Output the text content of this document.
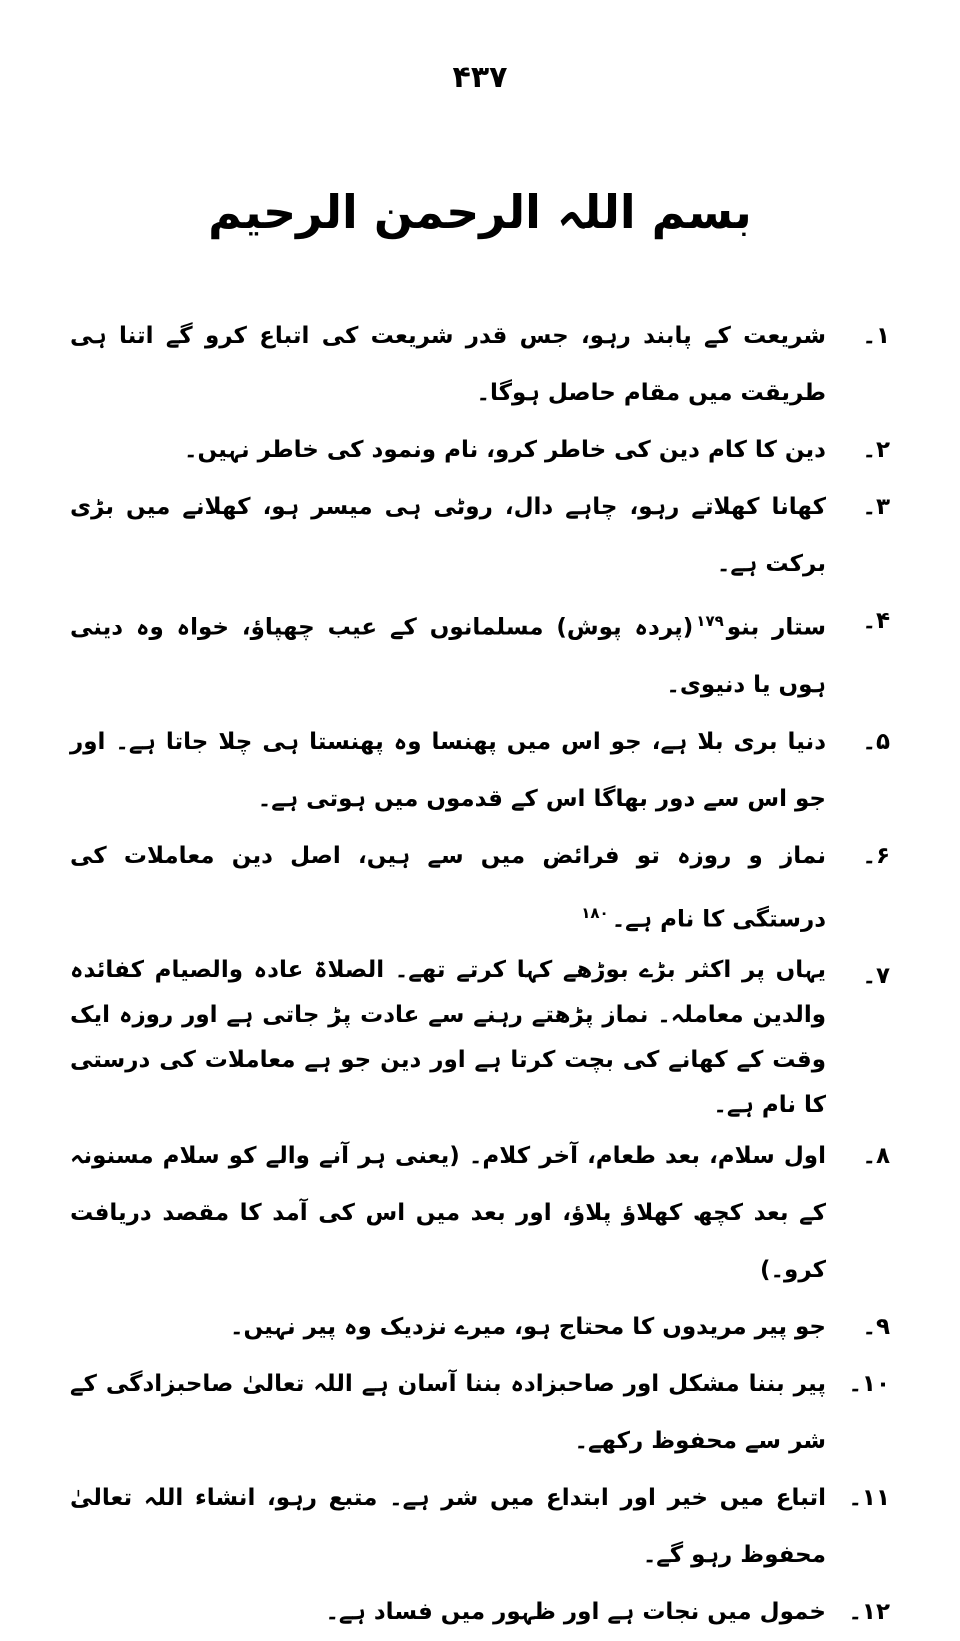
۴۳۷
بسم اللہ الرحمن الرحیم
۱۔
شریعت کے پابند رہو، جس قدر شریعت کی اتباع کرو گے اتنا ہی طریقت میں مقام حاصل ہوگا۔
۲۔
دین کا کام دین کی خاطر کرو، نام ونمود کی خاطر نہیں۔
۳۔
کھانا کھلاتے رہو، چاہے دال، روٹی ہی میسر ہو، کھلانے میں بڑی برکت ہے۔
۴۔
ستار بنو$^{۱۷۹}$(پردہ پوش) مسلمانوں کے عیب چھپاؤ، خواہ وہ دینی ہوں یا دنیوی۔
۵۔
دنیا بری بلا ہے، جو اس میں پھنسا وہ پھنستا ہی چلا جاتا ہے۔ اور جو اس سے دور بھاگا اس کے قدموں میں ہوتی ہے۔
۶۔
نماز و روزہ تو فرائض میں سے ہیں، اصل دین معاملات کی درستگی کا نام ہے۔$^{۱۸۰}$
۷۔
یہاں پر اکثر بڑے بوڑھے کہا کرتے تھے۔ الصلاۃ عادہ والصیام کفائدہ والدین معاملہ۔ نماز پڑھتے رہنے سے عادت پڑ جاتی ہے اور روزہ ایک وقت کے کھانے کی بچت کرتا ہے اور دین جو ہے معاملات کی درستی کا نام ہے۔
۸۔
اول سلام، بعد طعام، آخر کلام۔ (یعنی ہر آنے والے کو سلام مسنونہ کے بعد کچھ کھلاؤ پلاؤ، اور بعد میں اس کی آمد کا مقصد دریافت کرو۔)
۹۔
جو پیر مریدوں کا محتاج ہو، میرے نزدیک وہ پیر نہیں۔
۱۰۔
پیر بننا مشکل اور صاحبزادہ بننا آسان ہے اللہ تعالیٰ صاحبزادگی کے شر سے محفوظ رکھے۔
۱۱۔
اتباع میں خیر اور ابتداع میں شر ہے۔ متبع رہو، انشاء اللہ تعالیٰ محفوظ رہو گے۔
۱۲۔
خمول میں نجات ہے اور ظہور میں فساد ہے۔
